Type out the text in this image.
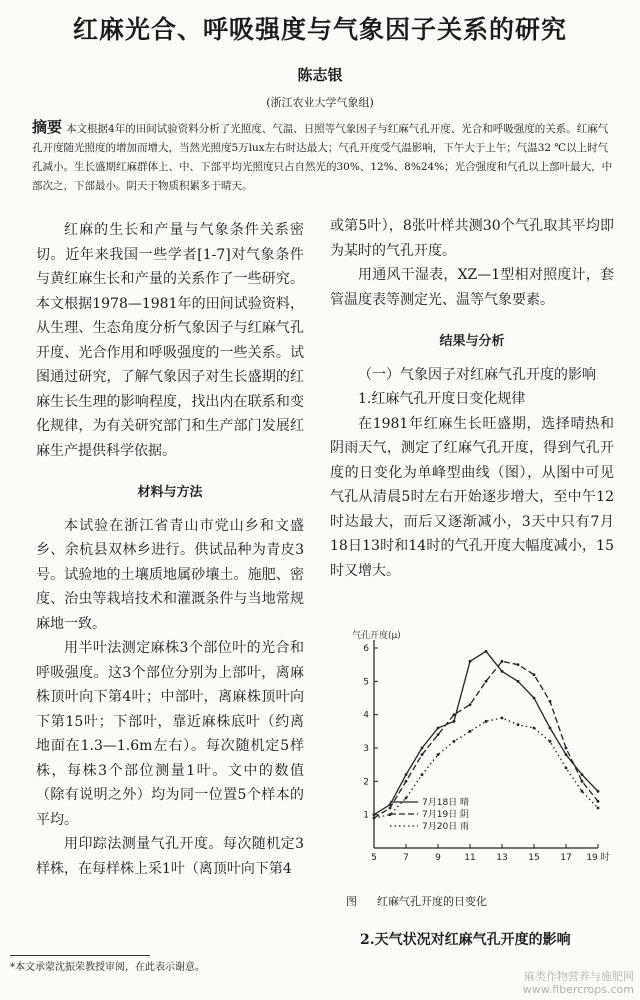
红麻光合、呼吸强度与气象因子关系的研究
陈志银
(浙江农业大学气象组)
摘要 本文根据4年的田间试验资料分析了光照度、气温、日照等气象因子与红麻气孔开度、光合和呼吸强度的关系。红麻气孔开度随光照度的增加而增大，当然光照度5万lux左右时达最大；气孔开度受气温影响，下午大于上午；气温32 ℃以上时气孔减小。生长盛期红麻群体上、中、下部平均光照度只占自然光的30%、12%、8%24%；光合强度和气孔以上部叶最大，中部次之，下部最小。阴天于物质积累多于晴天。

红麻的生长和产量与气象条件关系密切。近年来我国一些学者[1-7]对气象条件与黄红麻生长和产量的关系作了一些研究。本文根据1978—1981年的田间试验资料，从生理、生态角度分析气象因子与红麻气孔开度、光合作用和呼吸强度的一些关系。试图通过研究，了解气象因子对生长盛期的红麻生长生理的影响程度，找出内在联系和变化规律，为有关研究部门和生产部门发展红麻生产提供科学依据。

材料与方法

本试验在浙江省青山市党山乡和文盛乡、余杭县双林乡进行。供试品种为青皮3号。试验地的土壤质地属砂壤土。施肥、密度、治虫等栽培技术和灌溉条件与当地常规麻地一致。

用半叶法测定麻株3个部位叶的光合和呼吸强度。这3个部位分别为上部叶，离麻株顶叶向下第4叶；中部叶，离麻株顶叶向下第15叶；下部叶，靠近麻株底叶（约离地面在1.3—1.6m左右）。每次随机定5样株，每株3个部位测量1叶。文中的数值（除有说明之外）均为同一位置5个样本的平均。

用印踪法测量气孔开度。每次随机定3样株，在每样株上采1叶（离顶叶向下第4

或第5叶），8张叶样共测30个气孔取其平均即为某时的气孔开度。

用通风干湿表，XZ—1型相对照度计，套管温度表等测定光、温等气象要素。

结果与分析

（一）气象因子对红麻气孔开度的影响

1.红麻气孔开度日变化规律

在1981年红麻生长旺盛期，选择晴热和阴雨天气，测定了红麻气孔开度，得到气孔开度的日变化为单峰型曲线（图），从图中可见气孔从清晨5时左右开始逐步增大，至中午12时达最大，而后又逐渐减小，3天中只有7月18日13时和14时的气孔开度大幅度减小，15时又增大。

气孔开度(μ)
1
2
3
4
5
6
5	7	9	11 13 15 17 19 时
7月18日 晴
7月19日 阴
7月20日 雨
图 红麻气孔开度的日变化

2.天气状况对红麻气孔开度的影响

*本文承蒙沈振荣教授审阅，在此表示谢意。
麻类作物营养与施肥网
www.fibercrops.com
